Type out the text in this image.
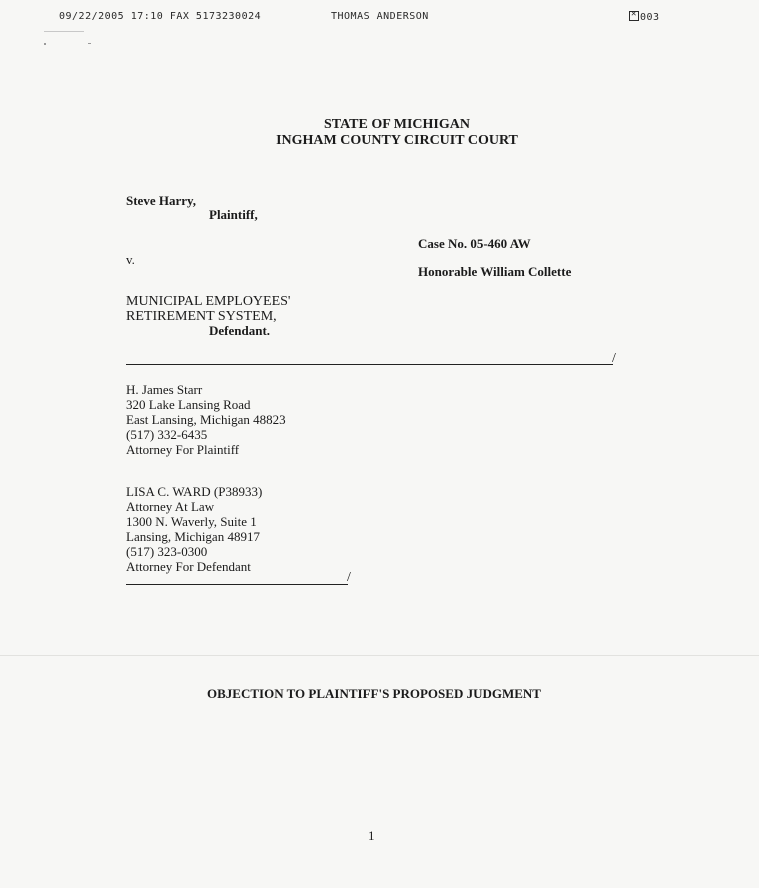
09/22/2005 17:10 FAX 5173230024	THOMAS ANDERSON	✕ 003
STATE OF MICHIGAN
INGHAM COUNTY CIRCUIT COURT
Steve Harry,
Plaintiff,
Case No. 05-460 AW
v.
Honorable William Collette
MUNICIPAL EMPLOYEES'
RETIREMENT SYSTEM,
Defendant.
/
H. James Starr
320 Lake Lansing Road
East Lansing, Michigan 48823
(517) 332-6435
Attorney For Plaintiff
LISA C. WARD (P38933)
Attorney At Law
1300 N. Waverly, Suite 1
Lansing, Michigan 48917
(517) 323-0300
Attorney For Defendant
/
OBJECTION TO PLAINTIFF'S PROPOSED JUDGMENT
1
